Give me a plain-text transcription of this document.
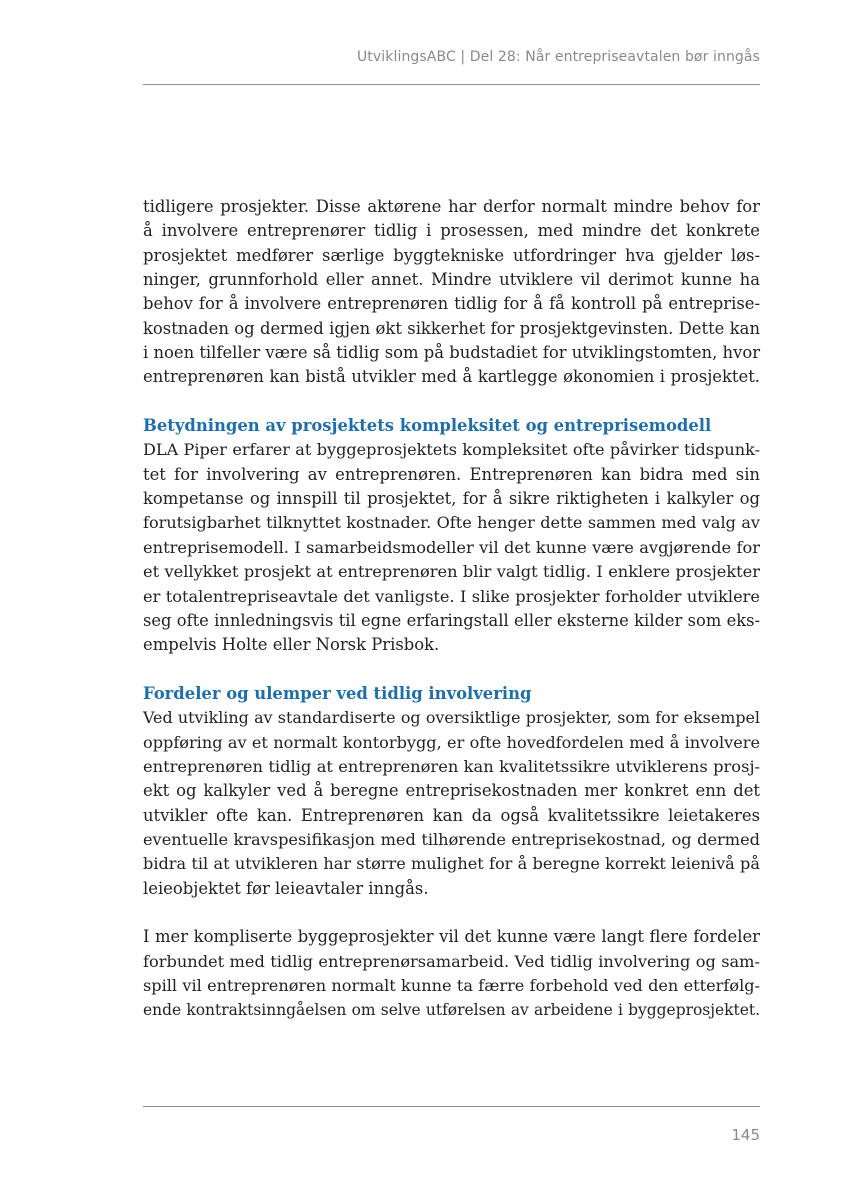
UtviklingsABC | Del 28: Når entrepriseavtalen bør inngås
tidligere prosjekter. Disse aktørene har derfor normalt mindre behov for
å involvere entreprenører tidlig i prosessen, med mindre det konkrete
prosjektet medfører særlige byggtekniske utfordringer hva gjelder løs-
ninger, grunnforhold eller annet. Mindre utviklere vil derimot kunne ha
behov for å involvere entreprenøren tidlig for å få kontroll på entreprise-
kostnaden og dermed igjen økt sikkerhet for prosjektgevinsten. Dette kan
i noen tilfeller være så tidlig som på budstadiet for utviklingstomten, hvor
entreprenøren kan bistå utvikler med å kartlegge økonomien i prosjektet.
Betydningen av prosjektets kompleksitet og entreprisemodell
DLA Piper erfarer at byggeprosjektets kompleksitet ofte påvirker tidspunk-
tet for involvering av entreprenøren. Entreprenøren kan bidra med sin
kompetanse og innspill til prosjektet, for å sikre riktigheten i kalkyler og
forutsigbarhet tilknyttet kostnader. Ofte henger dette sammen med valg av
entreprisemodell. I samarbeidsmodeller vil det kunne være avgjørende for
et vellykket prosjekt at entreprenøren blir valgt tidlig. I enklere prosjekter
er totalentrepriseavtale det vanligste. I slike prosjekter forholder utviklere
seg ofte innledningsvis til egne erfaringstall eller eksterne kilder som eks-
empelvis Holte eller Norsk Prisbok.
Fordeler og ulemper ved tidlig involvering
Ved utvikling av standardiserte og oversiktlige prosjekter, som for eksempel
oppføring av et normalt kontorbygg, er ofte hovedfordelen med å involvere
entreprenøren tidlig at entreprenøren kan kvalitetssikre utviklerens prosj-
ekt og kalkyler ved å beregne entreprisekostnaden mer konkret enn det
utvikler ofte kan. Entreprenøren kan da også kvalitetssikre leietakeres
eventuelle kravspesifikasjon med tilhørende entreprisekostnad, og dermed
bidra til at utvikleren har større mulighet for å beregne korrekt leienivå på
leieobjektet før leieavtaler inngås.
I mer kompliserte byggeprosjekter vil det kunne være langt flere fordeler
forbundet med tidlig entreprenørsamarbeid. Ved tidlig involvering og sam-
spill vil entreprenøren normalt kunne ta færre forbehold ved den etterfølg-
ende kontraktsinngåelsen om selve utførelsen av arbeidene i byggeprosjektet.
145
